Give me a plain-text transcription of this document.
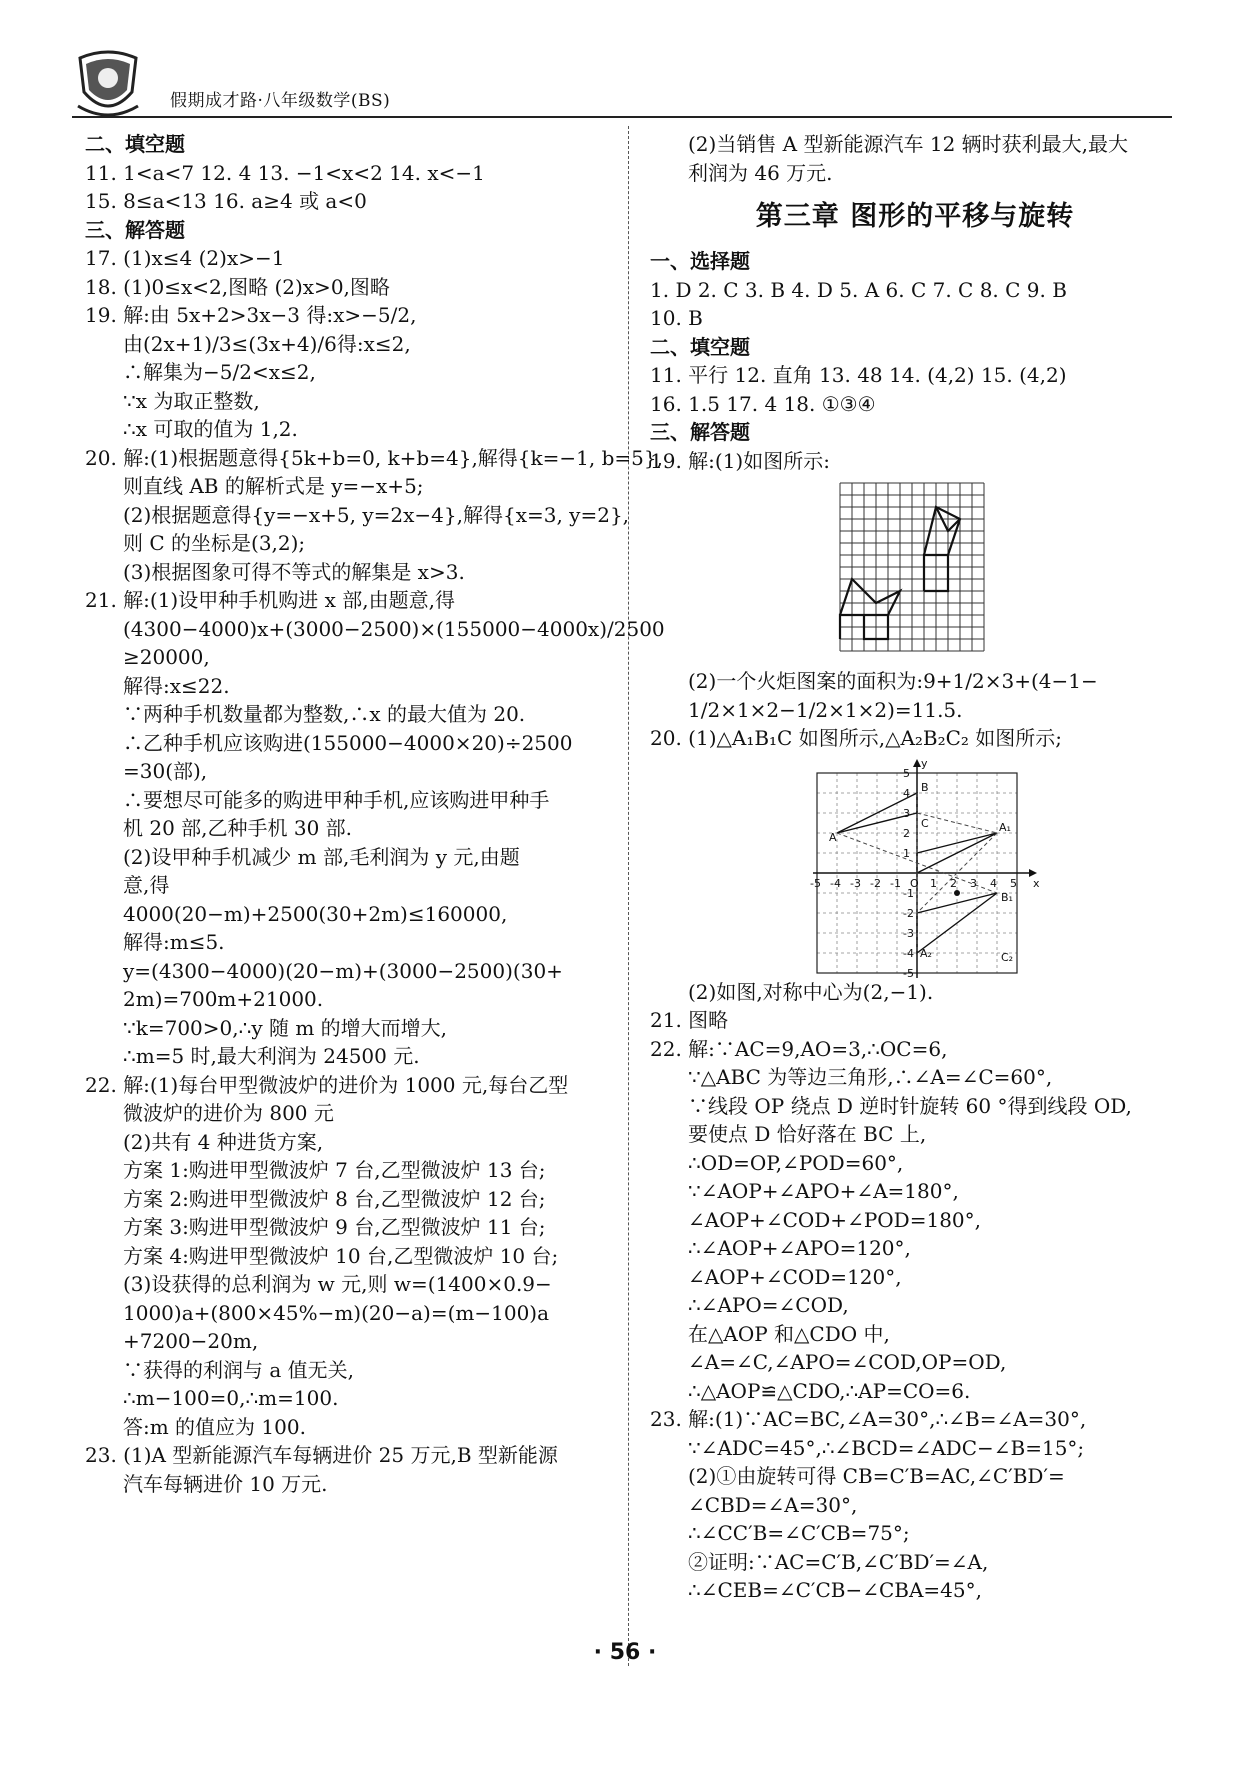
假期成才路·八年级数学(BS)
二、填空题
11. 1<a<7 12. 4 13. −1<x<2 14. x<−1
15. 8≤a<13 16. a≥4 或 a<0
三、解答题
17. (1)x≤4 (2)x>−1
18. (1)0≤x<2,图略 (2)x>0,图略
19. 解:由 5x+2>3x−3 得:x>−5/2,
由(2x+1)/3≤(3x+4)/6得:x≤2,
∴解集为−5/2<x≤2,
∵x 为取正整数,
∴x 可取的值为 1,2.
20. 解:(1)根据题意得{5k+b=0, k+b=4},解得{k=−1, b=5},
则直线 AB 的解析式是 y=−x+5;
(2)根据题意得{y=−x+5, y=2x−4},解得{x=3, y=2},
则 C 的坐标是(3,2);
(3)根据图象可得不等式的解集是 x>3.
21. 解:(1)设甲种手机购进 x 部,由题意,得
(4300−4000)x+(3000−2500)×(155000−4000x)/2500
≥20000,
解得:x≤22.
∵两种手机数量都为整数,∴x 的最大值为 20.
∴乙种手机应该购进(155000−4000×20)÷2500
=30(部),
∴要想尽可能多的购进甲种手机,应该购进甲种手
机 20 部,乙种手机 30 部.
(2)设甲种手机减少 m 部,毛利润为 y 元,由题
意,得
4000(20−m)+2500(30+2m)≤160000,
解得:m≤5.
y=(4300−4000)(20−m)+(3000−2500)(30+
2m)=700m+21000.
∵k=700>0,∴y 随 m 的增大而增大,
∴m=5 时,最大利润为 24500 元.
22. 解:(1)每台甲型微波炉的进价为 1000 元,每台乙型
微波炉的进价为 800 元
(2)共有 4 种进货方案,
方案 1:购进甲型微波炉 7 台,乙型微波炉 13 台;
方案 2:购进甲型微波炉 8 台,乙型微波炉 12 台;
方案 3:购进甲型微波炉 9 台,乙型微波炉 11 台;
方案 4:购进甲型微波炉 10 台,乙型微波炉 10 台;
(3)设获得的总利润为 w 元,则 w=(1400×0.9−
1000)a+(800×45%−m)(20−a)=(m−100)a
+7200−20m,
∵获得的利润与 a 值无关,
∴m−100=0,∴m=100.
答:m 的值应为 100.
23. (1)A 型新能源汽车每辆进价 25 万元,B 型新能源
汽车每辆进价 10 万元.
(2)当销售 A 型新能源汽车 12 辆时获利最大,最大
利润为 46 万元.
第三章 图形的平移与旋转
一、选择题
1. D 2. C 3. B 4. D 5. A 6. C 7. C 8. C 9. B
10. B
二、填空题
11. 平行 12. 直角 13. 48 14. (4,2) 15. (4,2)
16. 1.5 17. 4 18. ①③④
三、解答题
19. 解:(1)如图所示:
(2)一个火炬图案的面积为:9+1/2×3+(4−1−
1/2×1×2−1/2×1×2)=11.5.
20. (1)△A₁B₁C 如图所示,△A₂B₂C₂ 如图所示;
-5 -4 -3 -2 -1 O 1 2 3 4 5
5
4
3
2
1
-1
-2
-3
-4
-5
x
y
B
A
C	A₁
B₁
A₂	C₂
(2)如图,对称中心为(2,−1).
21. 图略
22. 解:∵AC=9,AO=3,∴OC=6,
∵△ABC 为等边三角形,∴∠A=∠C=60°,
∵线段 OP 绕点 D 逆时针旋转 60 °得到线段 OD,
要使点 D 恰好落在 BC 上,
∴OD=OP,∠POD=60°,
∵∠AOP+∠APO+∠A=180°,
∠AOP+∠COD+∠POD=180°,
∴∠AOP+∠APO=120°,
∠AOP+∠COD=120°,
∴∠APO=∠COD,
在△AOP 和△CDO 中,
∠A=∠C,∠APO=∠COD,OP=OD,
∴△AOP≌△CDO,∴AP=CO=6.
23. 解:(1)∵AC=BC,∠A=30°,∴∠B=∠A=30°,
∵∠ADC=45°,∴∠BCD=∠ADC−∠B=15°;
(2)①由旋转可得 CB=C′B=AC,∠C′BD′=
∠CBD=∠A=30°,
∴∠CC′B=∠C′CB=75°;
②证明:∵AC=C′B,∠C′BD′=∠A,
∴∠CEB=∠C′CB−∠CBA=45°,
· 56 ·
